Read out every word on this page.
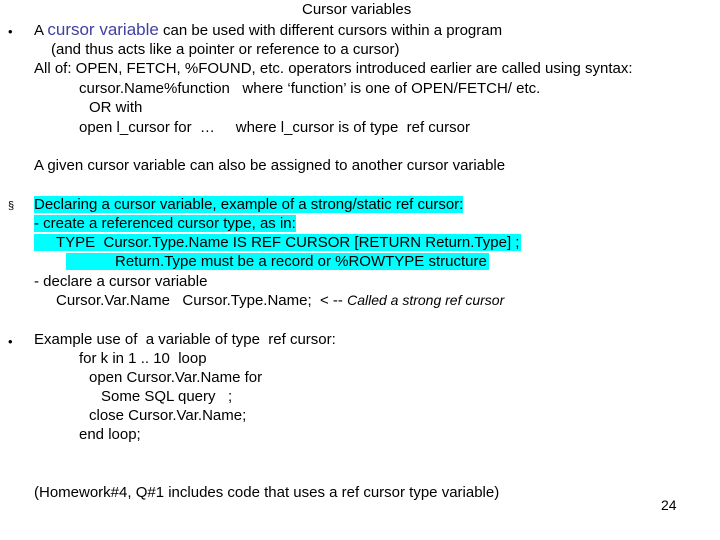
Cursor variables
• A cursor variable can be used with different cursors within a program
(and thus acts like a pointer or reference to a cursor)
All of: OPEN, FETCH, %FOUND, etc. operators introduced earlier are called using syntax:
cursor.Name%function   where ‘function’ is one of OPEN/FETCH/ etc.
OR with
open l_cursor for  …     where l_cursor is of type  ref cursor
A given cursor variable can also be assigned to another cursor variable
§ Declaring a cursor variable, example of a strong/static ref cursor:
- create a referenced cursor type, as in:
TYPE  Cursor.Type.Name IS REF CURSOR [RETURN Return.Type] ;
Return.Type must be a record or %ROWTYPE structure
- declare a cursor variable
Cursor.Var.Name   Cursor.Type.Name;  < -- Called a strong ref cursor
• Example use of  a variable of type  ref cursor:
for k in 1 .. 10  loop
open Cursor.Var.Name for
Some SQL query   ;
close Cursor.Var.Name;
end loop;
(Homework#4, Q#1 includes code that uses a ref cursor type variable)
24
